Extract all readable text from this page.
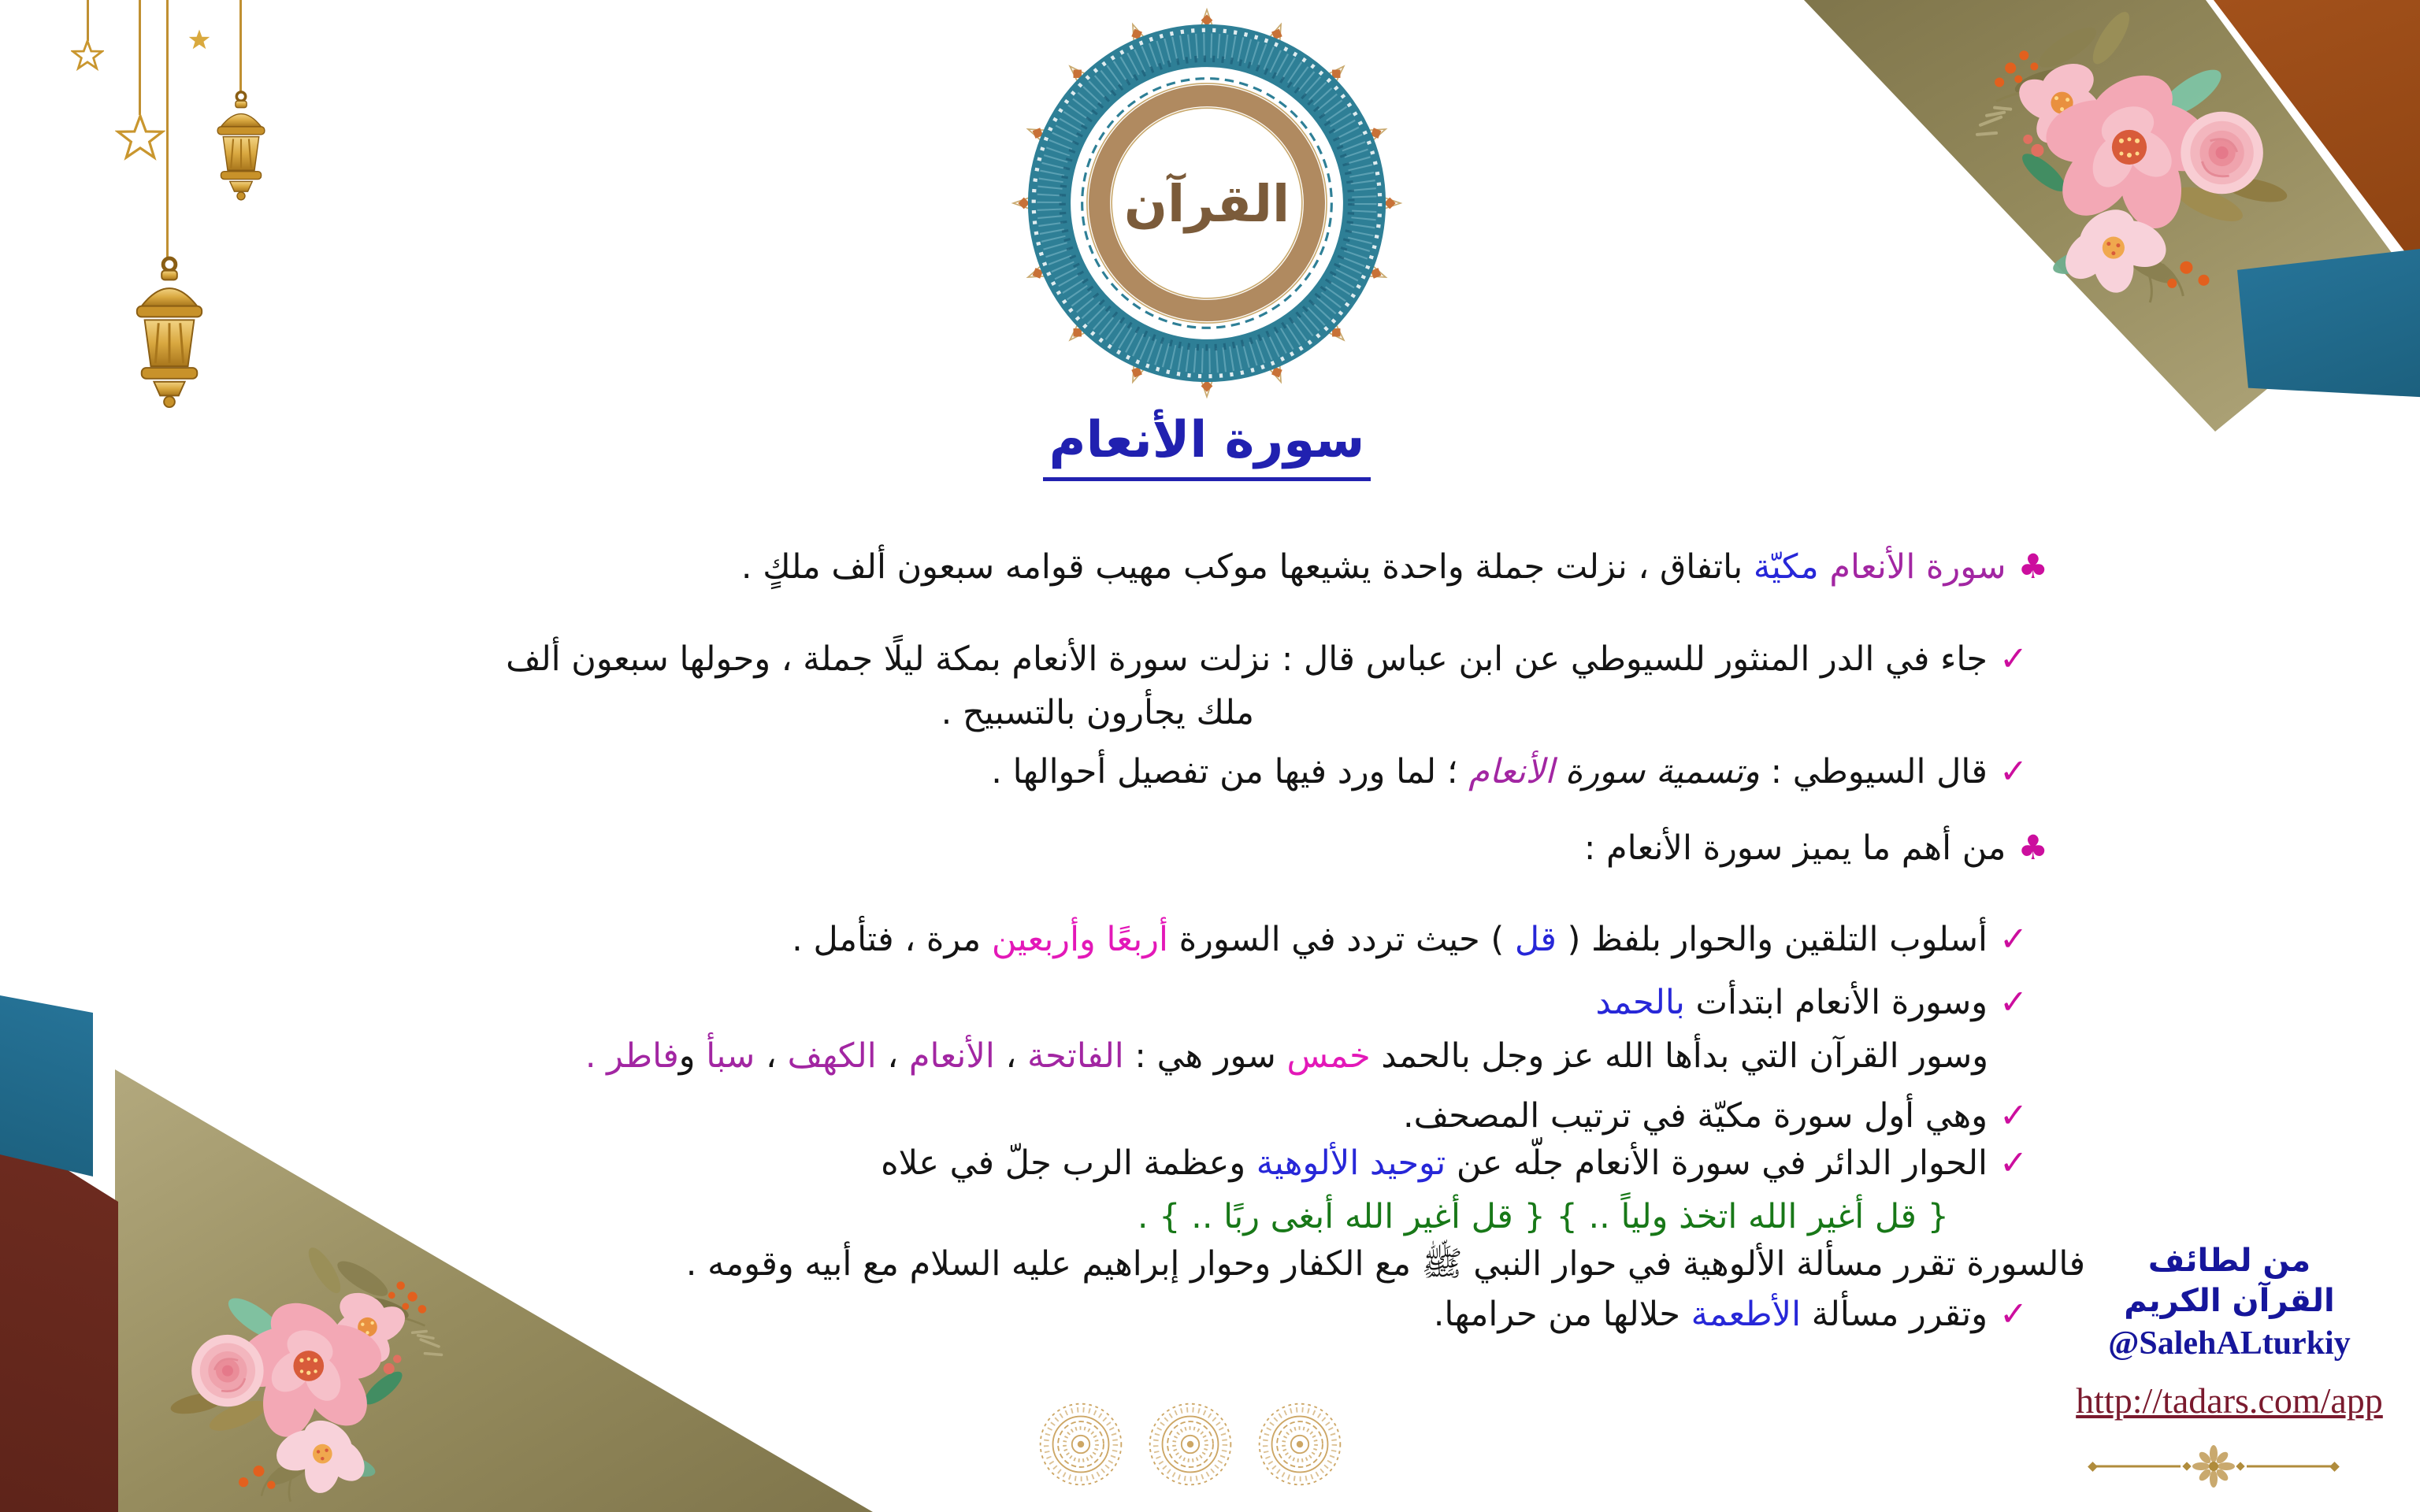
القرآن
سورة الأنعام
♣ سورة الأنعام مكيّة باتفاق ، نزلت جملة واحدة يشيعها موكب مهيب قوامه سبعون ألف ملكٍ .
✓ جاء في الدر المنثور للسيوطي عن ابن عباس قال : نزلت سورة الأنعام بمكة ليلًا جملة ، وحولها سبعون ألف
ملك يجأرون بالتسبيح .
✓ قال السيوطي : وتسمية سورة الأنعام ؛ لما ورد فيها من تفصيل أحوالها .
♣ من أهم ما يميز سورة الأنعام :
✓ أسلوب التلقين والحوار بلفظ ( قل ) حيث تردد في السورة أربعًا وأربعين مرة ، فتأمل .
✓ وسورة الأنعام ابتدأت بالحمد
وسور القرآن التي بدأها الله عز وجل بالحمد خمس سور هي : الفاتحة ، الأنعام ، الكهف ، سبأ وفاطر .
✓ وهي أول سورة مكيّة في ترتيب المصحف.
✓ الحوار الدائر في سورة الأنعام جلّه عن توحيد الألوهية وعظمة الرب جلّ في علاه
{ قل أغير الله اتخذ ولياً .. } { قل أغير الله أبغى ربًا .. } .
فالسورة تقرر مسألة الألوهية في حوار النبي ﷺ مع الكفار وحوار إبراهيم عليه السلام مع أبيه وقومه .
✓ وتقرر مسألة الأطعمة حلالها من حرامها.
من لطائف
القرآن الكريم
@SalehALturkiy
http://tadars.com/app
